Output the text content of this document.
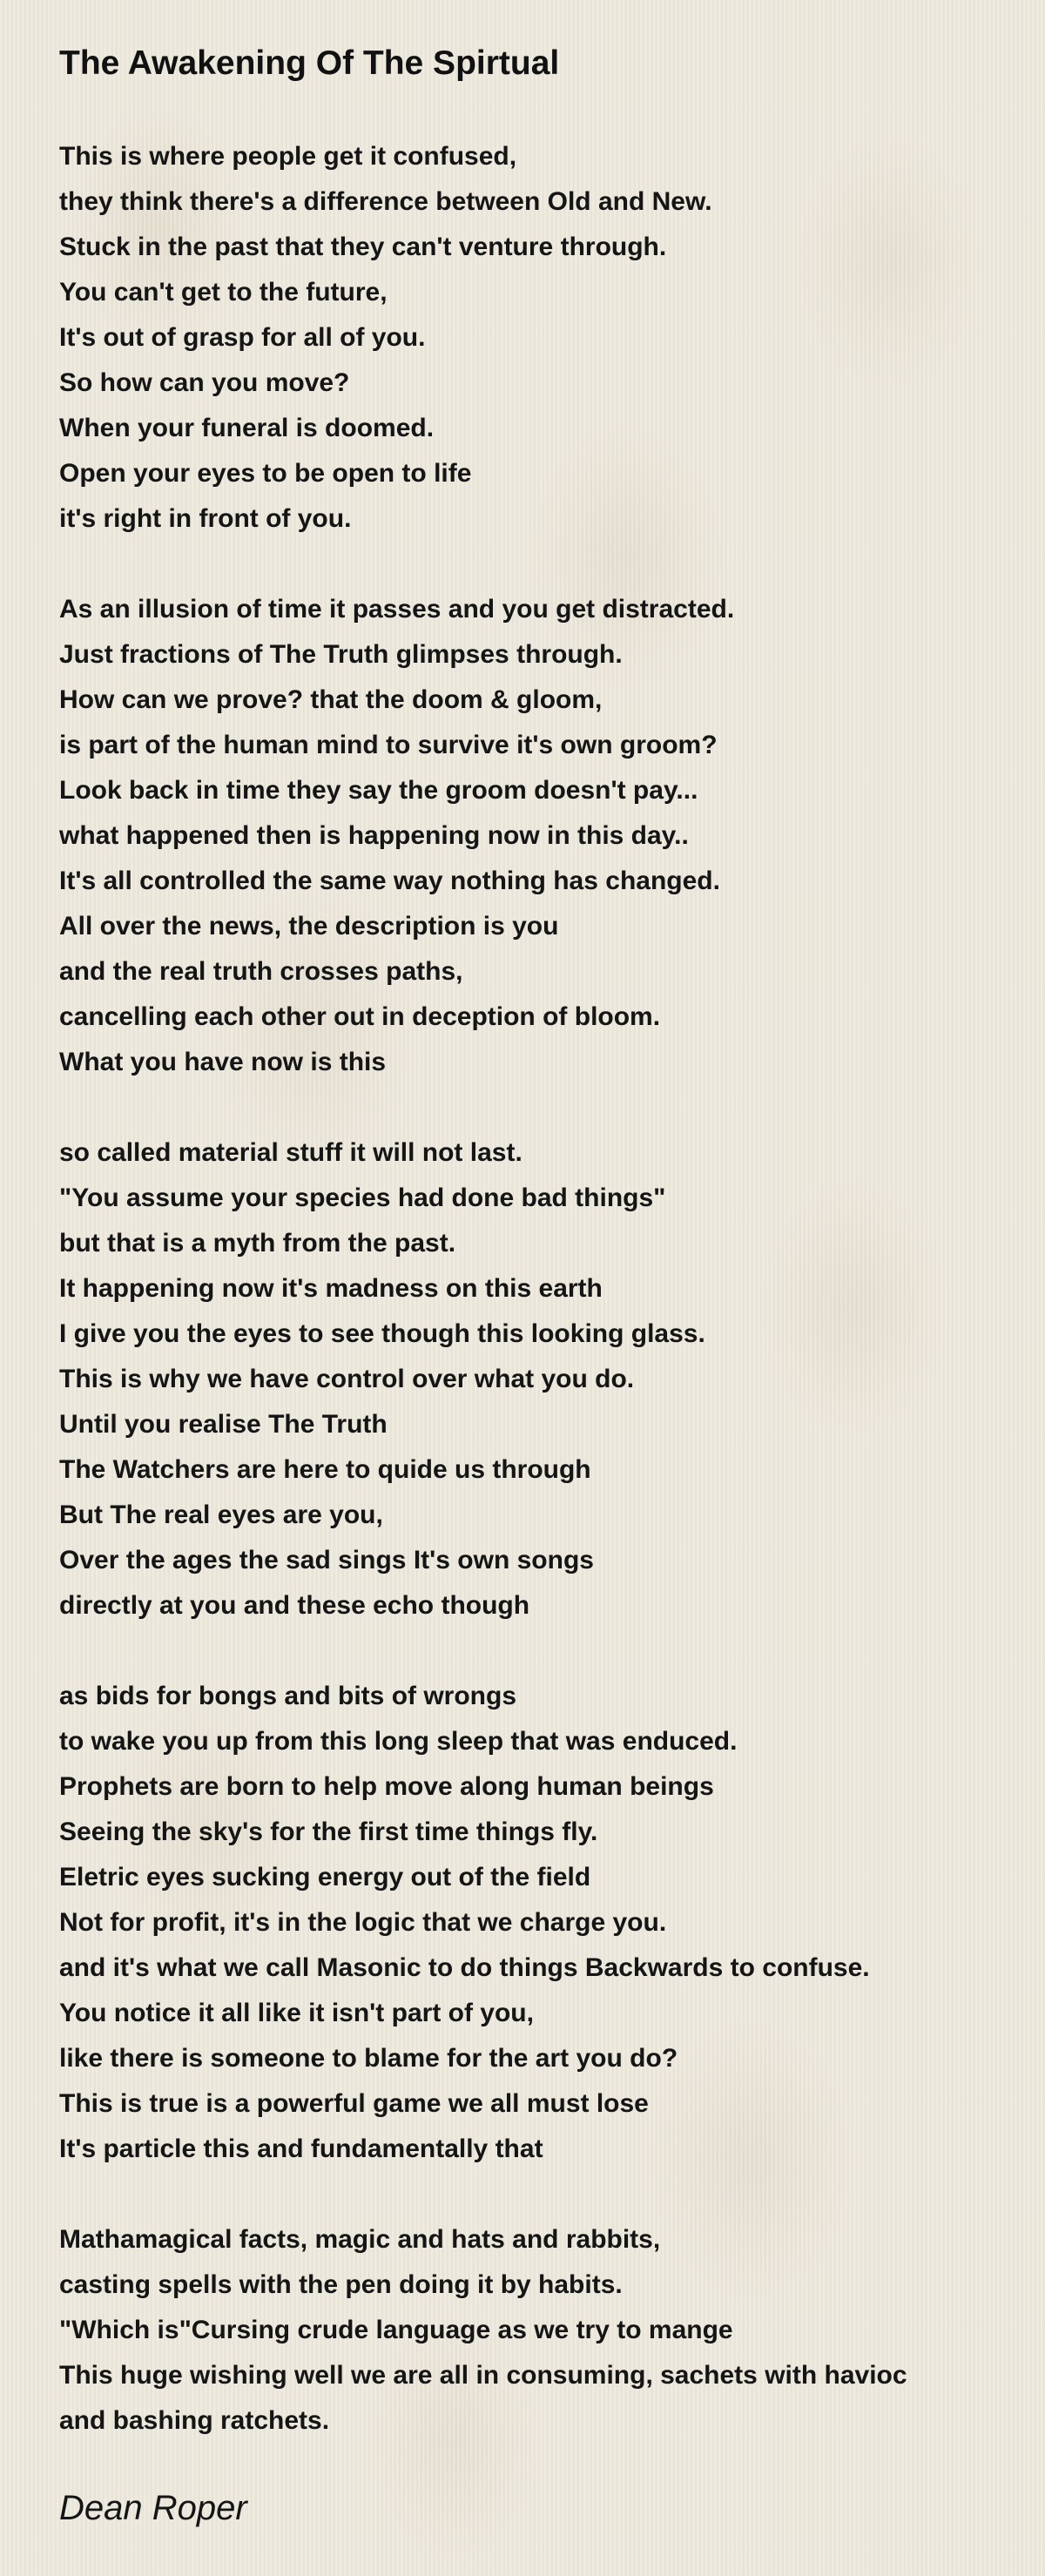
The Awakening Of The Spirtual
This is where people get it confused,
they think there's a difference between Old and New.
Stuck in the past that they can't venture through.
You can't get to the future,
It's out of grasp for all of you.
So how can you move?
When your funeral is doomed.
Open your eyes to be open to life
it's right in front of you.
As an illusion of time it passes and you get distracted.
Just fractions of The Truth glimpses through.
How can we prove? that the doom & gloom,
is part of the human mind to survive it's own groom?
Look back in time they say the groom doesn't pay...
what happened then is happening now in this day..
It's all controlled the same way nothing has changed.
All over the news, the description is you
and the real truth crosses paths,
cancelling each other out in deception of bloom.
What you have now is this
so called material stuff it will not last.
"You assume your species had done bad things"
but that is a myth from the past.
It happening now it's madness on this earth
I give you the eyes to see though this looking glass.
This is why we have control over what you do.
Until you realise The Truth
The Watchers are here to quide us through
But The real eyes are you,
Over the ages the sad sings It's own songs
directly at you and these echo though
as bids for bongs and bits of wrongs
to wake you up from this long sleep that was enduced.
Prophets are born to help move along human beings
Seeing the sky's for the first time things fly.
Eletric eyes sucking energy out of the field
Not for profit, it's in the logic that we charge you.
and it's what we call Masonic to do things Backwards to confuse.
You notice it all like it isn't part of you,
like there is someone to blame for the art you do?
This is true is a powerful game we all must lose
It's particle this and fundamentally that
Mathamagical facts, magic and hats and rabbits,
casting spells with the pen doing it by habits.
"Which is"Cursing crude language as we try to mange
This huge wishing well we are all in consuming, sachets with havioc
and bashing ratchets.
Dean Roper
